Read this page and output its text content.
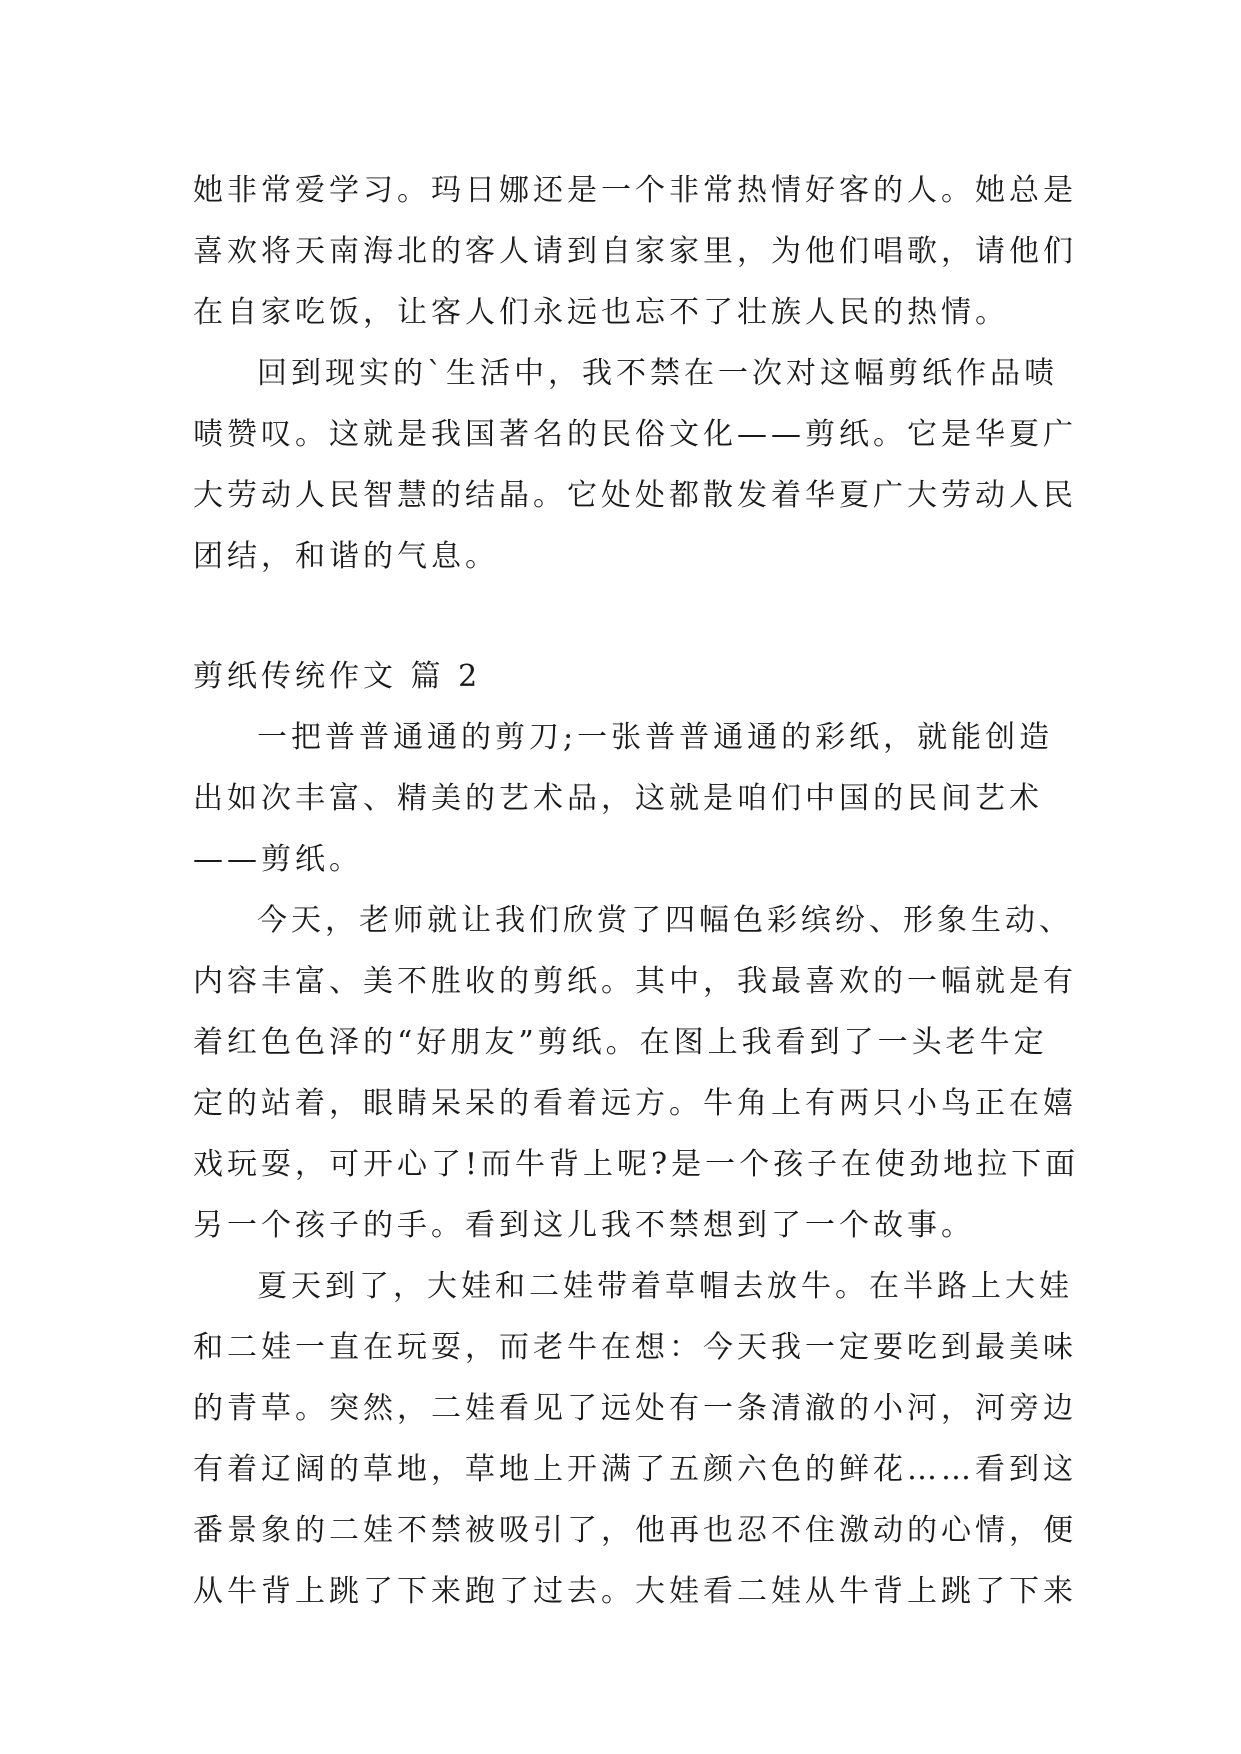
她非常爱学习。玛日娜还是一个非常热情好客的人。她总是
喜欢将天南海北的客人请到自家家里，为他们唱歌，请他们
在自家吃饭，让客人们永远也忘不了壮族人民的热情。

回到现实的`生活中，我不禁在一次对这幅剪纸作品啧
啧赞叹。这就是我国著名的民俗文化——剪纸。它是华夏广
大劳动人民智慧的结晶。它处处都散发着华夏广大劳动人民
团结，和谐的气息。

剪纸传统作文 篇 2

一把普普通通的剪刀;一张普普通通的彩纸，就能创造
出如次丰富、精美的艺术品，这就是咱们中国的民间艺术
——剪纸。

今天，老师就让我们欣赏了四幅色彩缤纷、形象生动、
内容丰富、美不胜收的剪纸。其中，我最喜欢的一幅就是有
着红色色泽的“好朋友”剪纸。在图上我看到了一头老牛定
定的站着，眼睛呆呆的看着远方。牛角上有两只小鸟正在嬉
戏玩耍，可开心了!而牛背上呢?是一个孩子在使劲地拉下面
另一个孩子的手。看到这儿我不禁想到了一个故事。

夏天到了，大娃和二娃带着草帽去放牛。在半路上大娃
和二娃一直在玩耍，而老牛在想：今天我一定要吃到最美味
的青草。突然，二娃看见了远处有一条清澈的小河，河旁边
有着辽阔的草地，草地上开满了五颜六色的鲜花……看到这
番景象的二娃不禁被吸引了，他再也忍不住激动的心情，便
从牛背上跳了下来跑了过去。大娃看二娃从牛背上跳了下来
